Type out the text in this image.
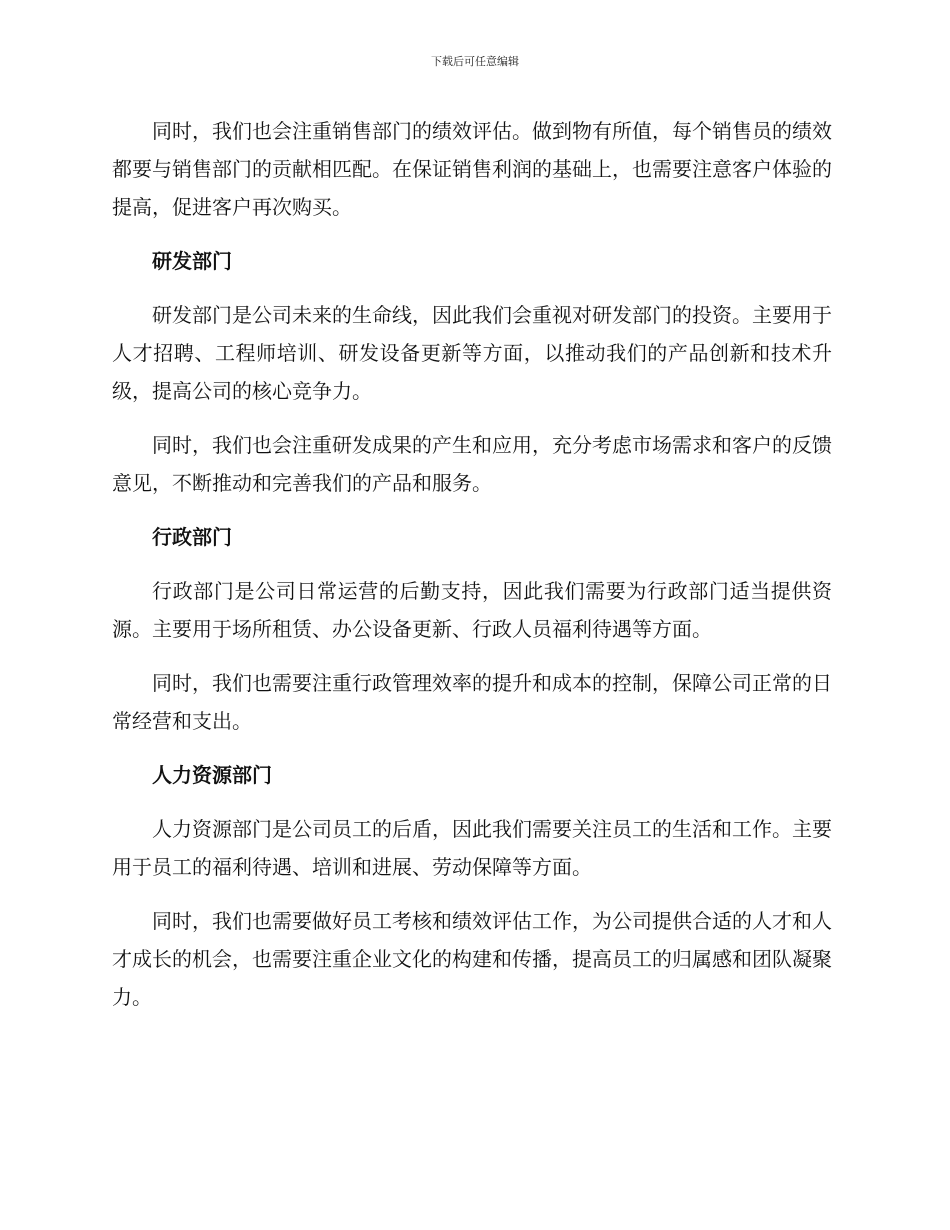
下载后可任意编辑

同时，我们也会注重销售部门的绩效评估。做到物有所值，每个销售员的绩效都要与销售部门的贡献相匹配。在保证销售利润的基础上，也需要注意客户体验的提高，促进客户再次购买。

研发部门

研发部门是公司未来的生命线，因此我们会重视对研发部门的投资。主要用于人才招聘、工程师培训、研发设备更新等方面，以推动我们的产品创新和技术升级，提高公司的核心竞争力。

同时，我们也会注重研发成果的产生和应用，充分考虑市场需求和客户的反馈意见，不断推动和完善我们的产品和服务。

行政部门

行政部门是公司日常运营的后勤支持，因此我们需要为行政部门适当提供资源。主要用于场所租赁、办公设备更新、行政人员福利待遇等方面。

同时，我们也需要注重行政管理效率的提升和成本的控制，保障公司正常的日常经营和支出。

人力资源部门

人力资源部门是公司员工的后盾，因此我们需要关注员工的生活和工作。主要用于员工的福利待遇、培训和进展、劳动保障等方面。

同时，我们也需要做好员工考核和绩效评估工作，为公司提供合适的人才和人才成长的机会，也需要注重企业文化的构建和传播，提高员工的归属感和团队凝聚力。
